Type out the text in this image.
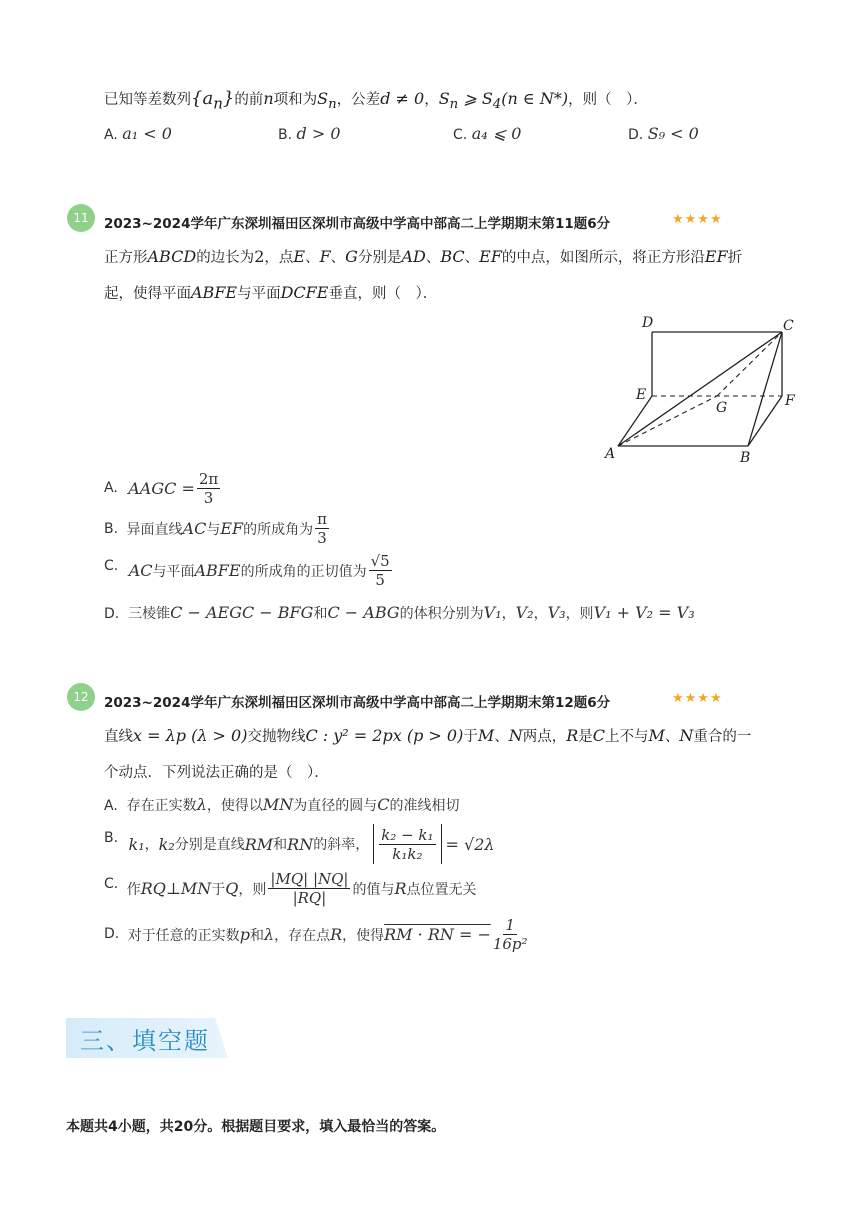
已知等差数列$\{a_n\}$的前n项和为$S_n$，公差d ≠ 0，$S_n$ ⩾ $S_4(n$ ∈ N*)，则（　）．
A. a₁ < 0	B. d > 0	C. a₄ ⩽ 0	D. S₉ < 0
11	2023~2024学年广东深圳福田区深圳市高级中学高中部高二上学期期末第11题6分	★★★★
正方形ABCD的边长为2，点E、F、G分别是AD、BC、EF的中点，如图所示，将正方形沿EF折
起，使得平面ABFE与平面DCFE垂直，则（　）．
D	C
E
G	F
A	B
A.
AAGC = $\frac{2\pi}{3}$
B.
异面直线 AC 与 EF 的所成角为 $\frac{\pi}{3}$
C.
AC 与平面 ABFE 的所成角的正切值为 $\frac{√5}{5}$
D. 三棱锥C − AEGC − BFG和C − ABG的体积分别为V₁，V₂，V₃，则V₁ + V₂ = V₃
12	2023~2024学年广东深圳福田区深圳市高级中学高中部高二上学期期末第12题6分	★★★★
直线x = λp (λ > 0)交抛物线C : y² = 2px (p > 0)于M、N两点，R是C上不与M、N重合的一
个动点．下列说法正确的是（　）．
A. 存在正实数λ，使得以MN为直径的圆与C的准线相切
B.
k₁ ， k₂ 分别是直线 RM 和 RN 的斜率， $\frac{\text{k₂ − k₁}}{\text{k₁k₂}} = √2\lambda$
C.
作 RQ⊥MN 于 Q ，则 $\frac{|MQ| |NQ|}{|RQ|}$ 的值与 R 点位置无关
D.
对于任意的正实数 p 和 λ ，存在点 R ，使得 RM · RN = − $\frac{1}{\text{16p²}}$
三、填空题
本题共4小题，共20分。根据题目要求，填入最恰当的答案。
